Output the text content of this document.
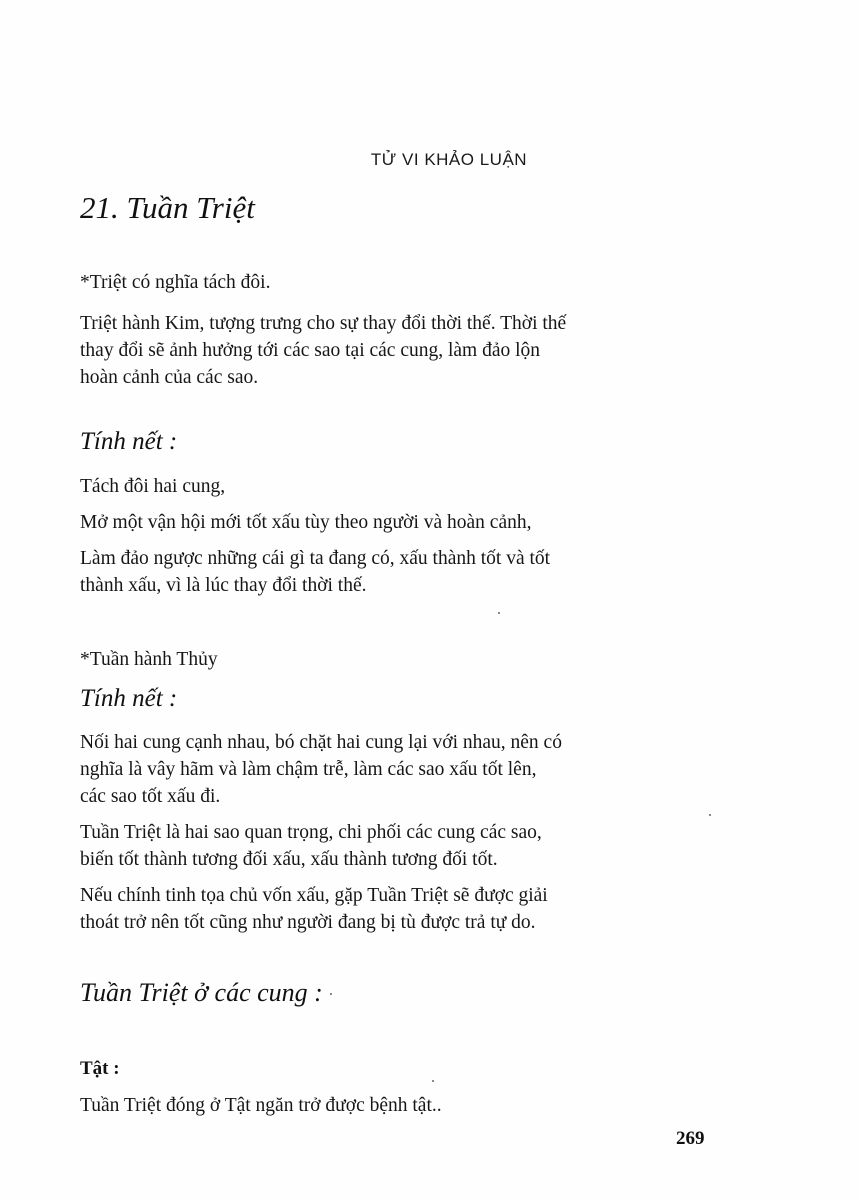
TỬ VI KHẢO LUẬN
21. Tuần Triệt

*Triệt có nghĩa tách đôi.

Triệt hành Kim, tượng trưng cho sự thay đổi thời thế. Thời thế

thay đổi sẽ ảnh hưởng tới các sao tại các cung, làm đảo lộn

hoàn cảnh của các sao.

Tính nết :

Tách đôi hai cung,

Mở một vận hội mới tốt xấu tùy theo người và hoàn cảnh,

Làm đảo ngược những cái gì ta đang có, xấu thành tốt và tốt

thành xấu, vì là lúc thay đổi thời thế.

*Tuần hành Thủy

Tính nết :

Nối hai cung cạnh nhau, bó chặt hai cung lại với nhau, nên có

nghĩa là vây hãm và làm chậm trễ, làm các sao xấu tốt lên,

các sao tốt xấu đi.

Tuần Triệt là hai sao quan trọng, chi phối các cung các sao,

biến tốt thành tương đối xấu, xấu thành tương đối tốt.

Nếu chính tinh tọa chủ vốn xấu, gặp Tuần Triệt sẽ được giải

thoát trở nên tốt cũng như người đang bị tù được trả tự do.

Tuần Triệt ở các cung :

Tật :

Tuần Triệt đóng ở Tật ngăn trở được bệnh tật..

269
